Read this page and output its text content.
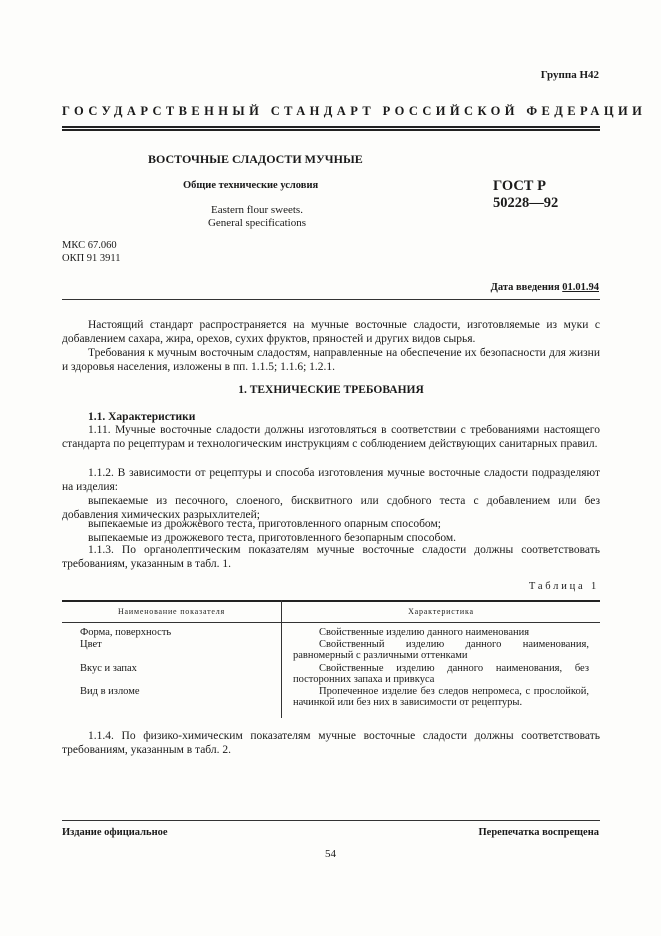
Группа Н42
ГОСУДАРСТВЕННЫЙ СТАНДАРТ РОССИЙСКОЙ ФЕДЕРАЦИИ
ВОСТОЧНЫЕ СЛАДОСТИ МУЧНЫЕ
Общие технические условия
Eastern flour sweets.
General specifications
ГОСТ Р
50228—92
МКС 67.060
ОКП 91 3911
Дата введения 01.01.94
Настоящий стандарт распространяется на мучные восточные сладости, изготовляемые из муки с добавлением сахара, жира, орехов, сухих фруктов, пряностей и других видов сырья.
Требования к мучным восточным сладостям, направленные на обеспечение их безопасности для жизни и здоровья населения, изложены в пп. 1.1.5; 1.1.6; 1.2.1.
1. ТЕХНИЧЕСКИЕ ТРЕБОВАНИЯ
1.1. Характеристики
1.11. Мучные восточные сладости должны изготовляться в соответствии с требованиями настоящего стандарта по рецептурам и технологическим инструкциям с соблюдением действующих санитарных правил.
1.1.2. В зависимости от рецептуры и способа изготовления мучные восточные сладости подразделяют на изделия:
выпекаемые из песочного, слоеного, бисквитного или сдобного теста с добавлением или без добавления химических разрыхлителей;
выпекаемые из дрожжевого теста, приготовленного опарным способом;
выпекаемые из дрожжевого теста, приготовленного безопарным способом.
1.1.3. По органолептическим показателям мучные восточные сладости должны соответствовать требованиям, указанным в табл. 1.
Таблица 1
Наименование показателя	Характеристика
Форма, поверхность	Свойственные изделию данного наименования
Цвет	Свойственный изделию данного наименования, равномерный с различными оттенками
Вкус и запах	Свойственные изделию данного наименования, без посторонних запаха и привкуса
Вид в изломе	Пропеченное изделие без следов непромеса, с прослойкой, начинкой или без них в зависимости от рецептуры.
1.1.4. По физико-химическим показателям мучные восточные сладости должны соответствовать требованиям, указанным в табл. 2.
Издание официальное	Перепечатка воспрещена
54
